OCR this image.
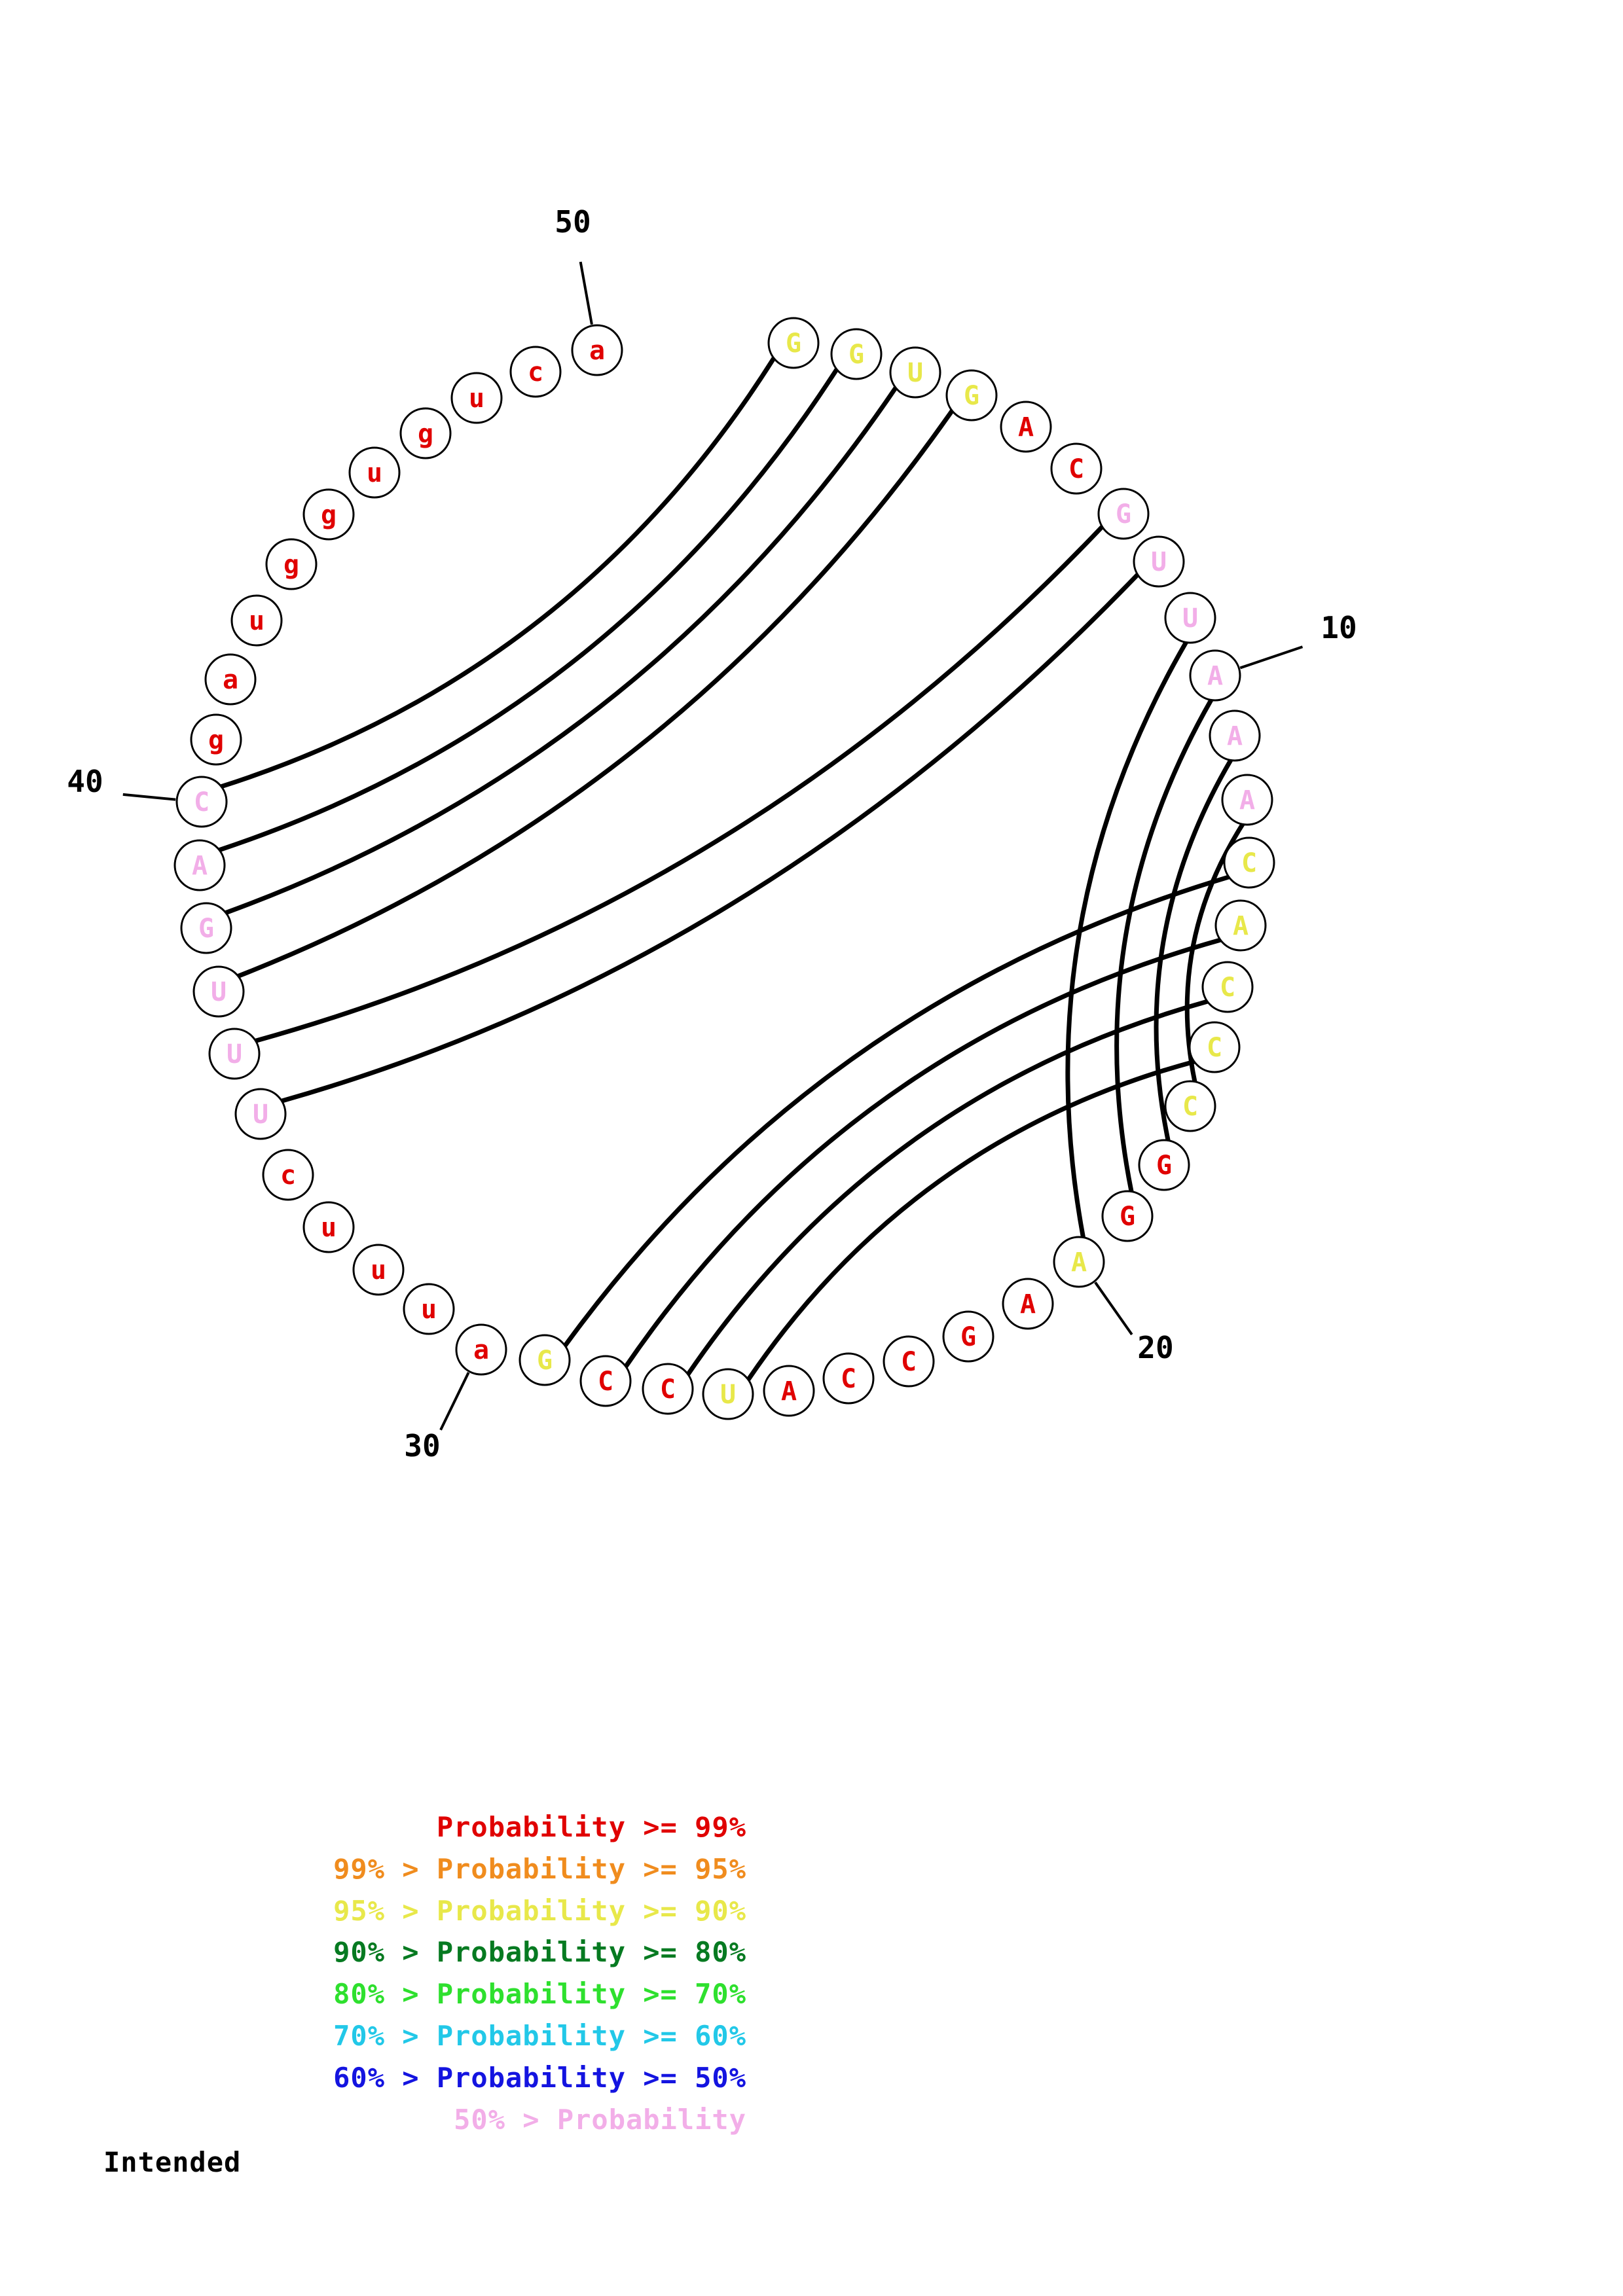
G G
U
G
A
C
G
U
U
A
A
A
C
A
C
C
C
G
G
A
A
G
C
C
A
U
C
C
G
a
u
u
u
c
U
U
U
G
A
C
g
a
u
g
g
u
g
u
c
a
10
20
30
40
50
Probability >= 99%
99% > Probability >= 95%
95% > Probability >= 90%
90% > Probability >= 80%
80% > Probability >= 70%
70% > Probability >= 60%
60% > Probability >= 50%
50% > Probability
Intended
